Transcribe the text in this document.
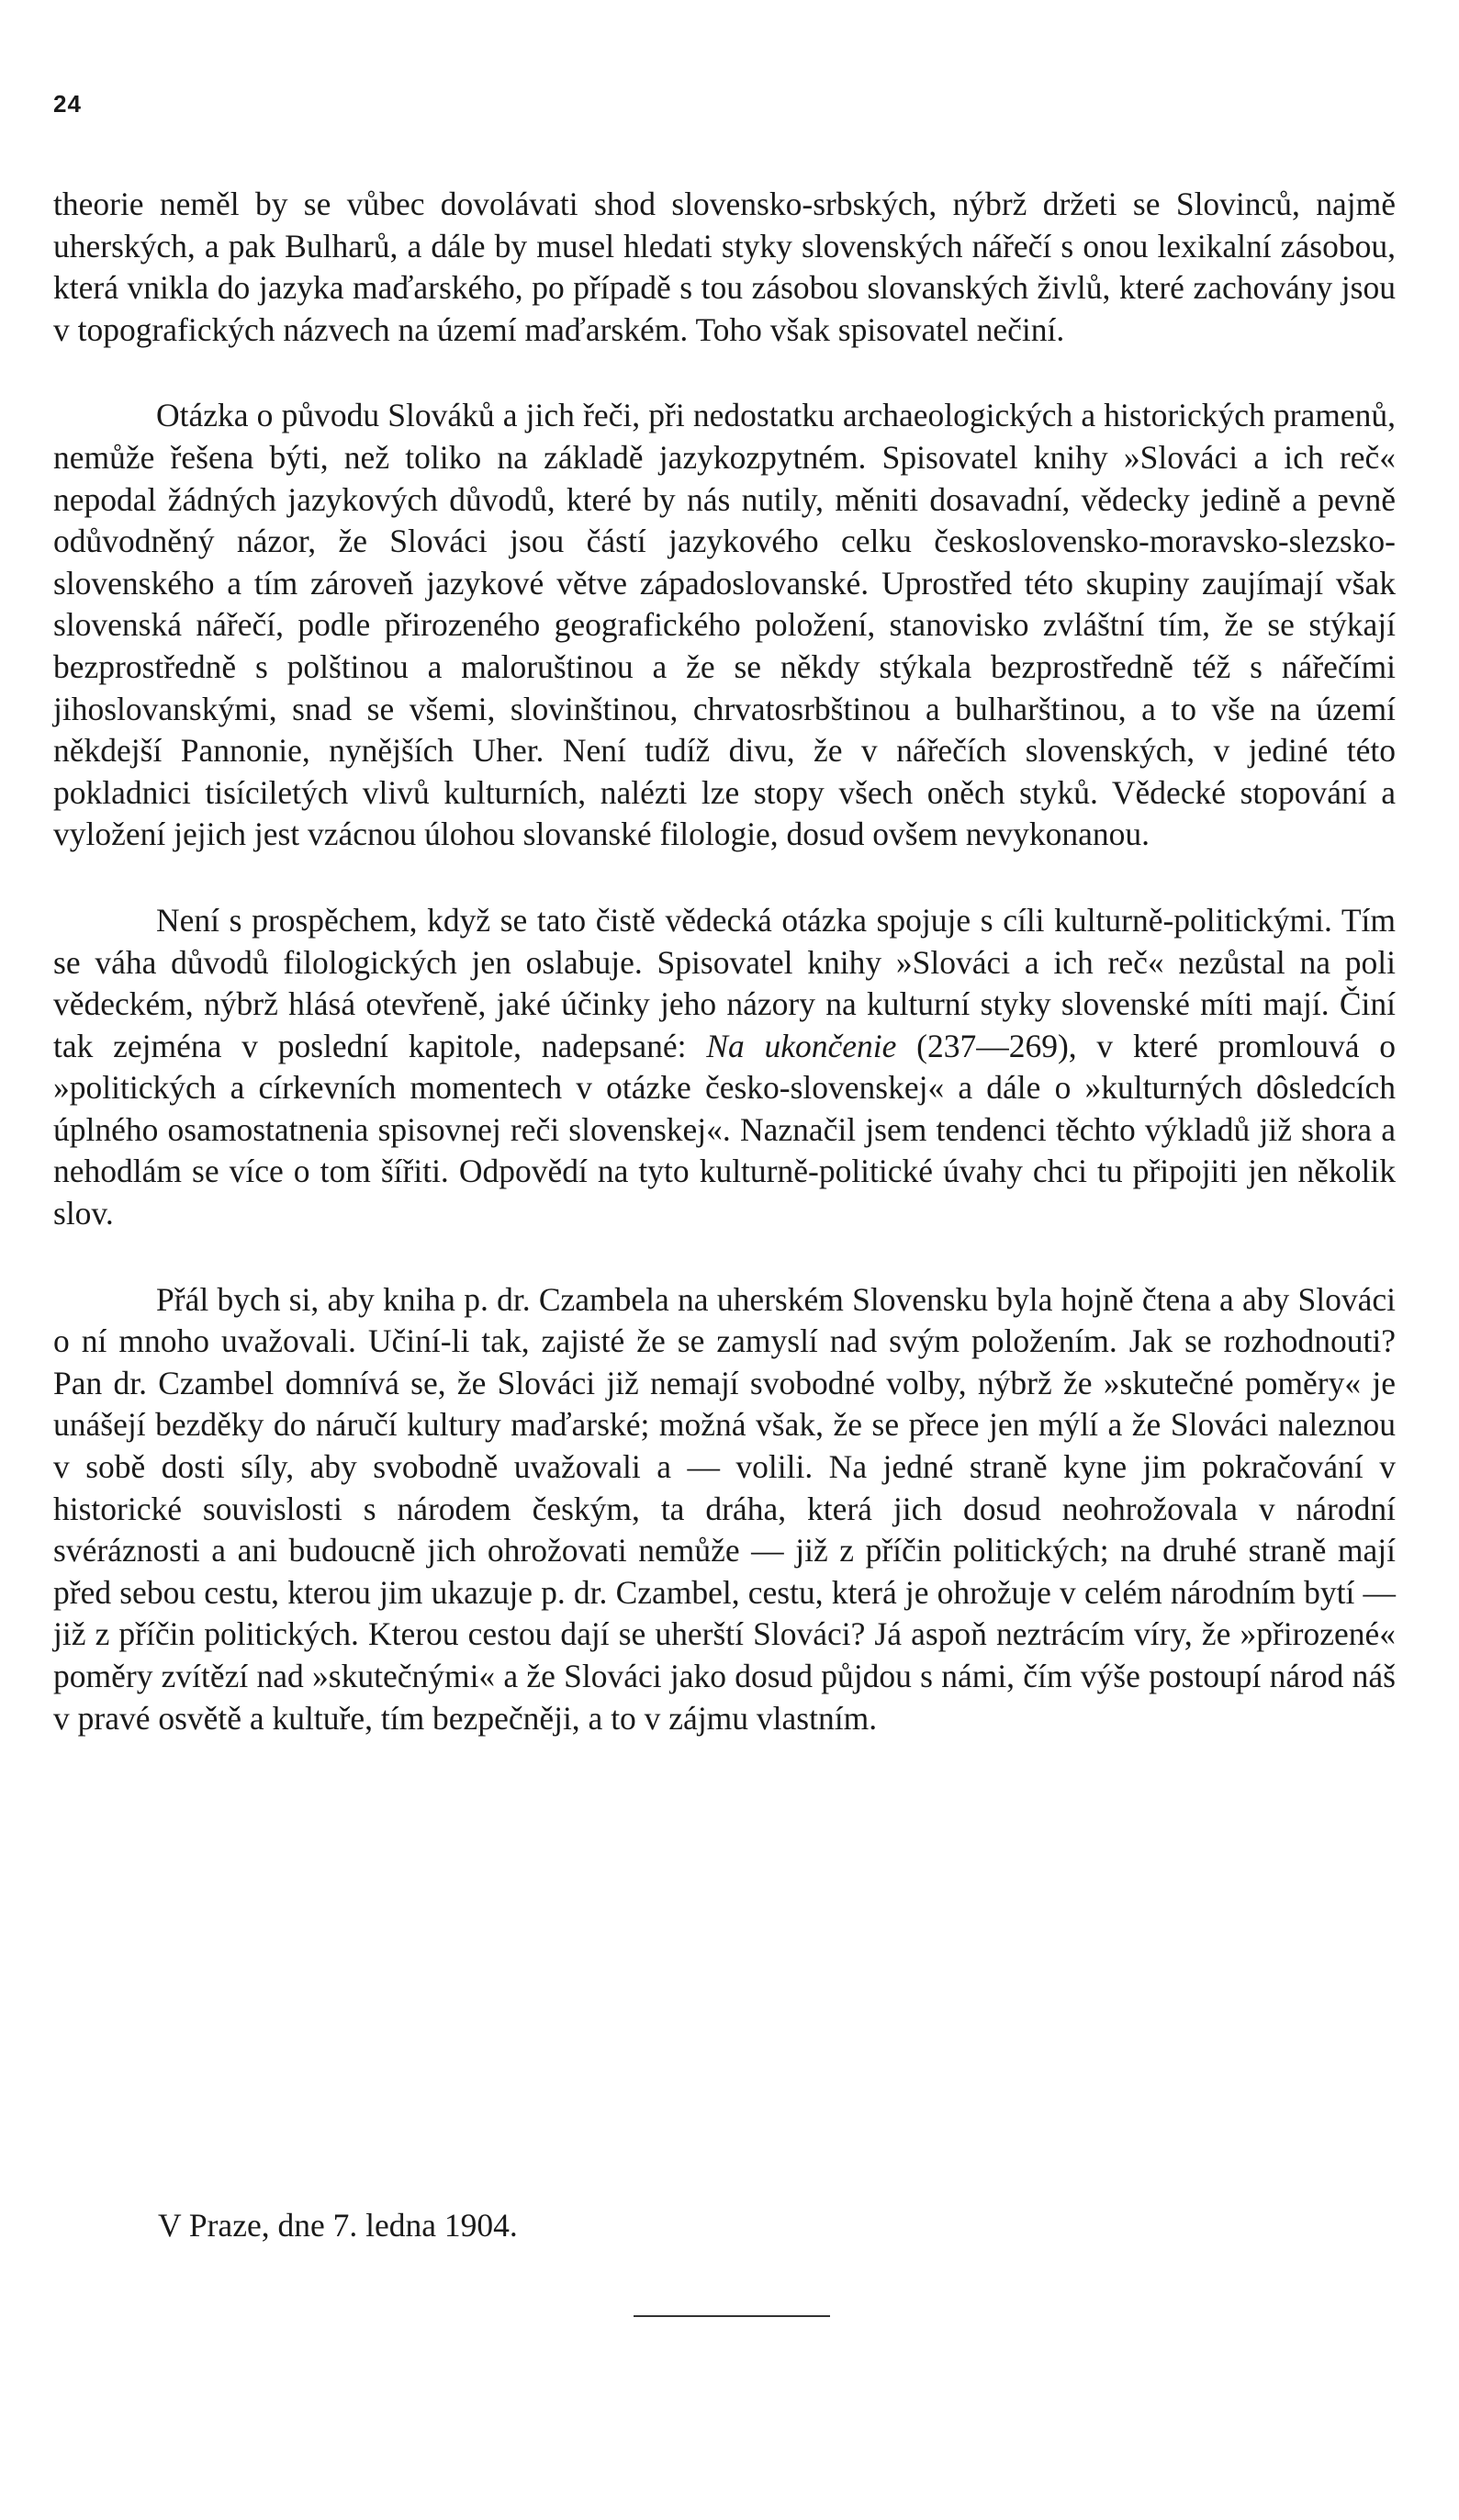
24

theorie neměl by se vůbec dovolávati shod slovensko-srbských, nýbrž držeti se Slovinců, najmě uherských, a pak Bulharů, a dále by musel hledati styky slovenských nářečí s onou lexikalní zásobou, která vnikla do jazyka maďarského, po případě s tou zásobou slovanských živlů, které zachovány jsou v topografických názvech na území maďarském. Toho však spisovatel nečiní.

Otázka o původu Slováků a jich řeči, při nedostatku archaeologických a historických pramenů, nemůže řešena býti, než toliko na základě jazykozpytném. Spisovatel knihy »Slováci a ich reč« nepodal žádných jazykových důvodů, které by nás nutily, měniti dosavadní, vědecky jedině a pevně odůvodněný názor, že Slováci jsou částí jazykového celku československo-moravsko-slezsko-slovenského a tím zároveň jazykové větve západoslovanské. Uprostřed této skupiny zaujímají však slovenská nářečí, podle přirozeného geografického položení, stanovisko zvláštní tím, že se stýkají bezprostředně s polštinou a maloruštinou a že se někdy stýkala bezprostředně též s nářečími jihoslovanskými, snad se všemi, slovinštinou, chrvatosrbštinou a bulharštinou, a to vše na území někdejší Pannonie, nynějších Uher. Není tudíž divu, že v nářečích slovenských, v jediné této pokladnici tisíciletých vlivů kulturních, nalézti lze stopy všech oněch styků. Vědecké stopování a vyložení jejich jest vzácnou úlohou slovanské filologie, dosud ovšem nevykonanou.

Není s prospěchem, když se tato čistě vědecká otázka spojuje s cíli kulturně-politickými. Tím se váha důvodů filologických jen oslabuje. Spisovatel knihy »Slováci a ich reč« nezůstal na poli vědeckém, nýbrž hlásá otevřeně, jaké účinky jeho názory na kulturní styky slovenské míti mají. Činí tak zejména v poslední kapitole, nadepsané: Na ukončenie (237—269), v které promlouvá o »politických a církevních momentech v otázke česko-slovenskej« a dále o »kulturných dôsledcích úplného osamostatnenia spisovnej reči slovenskej«. Naznačil jsem tendenci těchto výkladů již shora a nehodlám se více o tom šířiti. Odpovědí na tyto kulturně-politické úvahy chci tu připojiti jen několik slov.

Přál bych si, aby kniha p. dr. Czambela na uherském Slovensku byla hojně čtena a aby Slováci o ní mnoho uvažovali. Učiní-li tak, zajisté že se zamyslí nad svým položením. Jak se rozhodnouti? Pan dr. Czambel domnívá se, že Slováci již nemají svobodné volby, nýbrž že »skutečné poměry« je unášejí bezděky do náručí kultury maďarské; možná však, že se přece jen mýlí a že Slováci naleznou v sobě dosti síly, aby svobodně uvažovali a — volili. Na jedné straně kyne jim pokračování v historické souvislosti s národem českým, ta dráha, která jich dosud neohrožovala v národní svéráznosti a ani budoucně jich ohrožovati nemůže — již z příčin politických; na druhé straně mají před sebou cestu, kterou jim ukazuje p. dr. Czambel, cestu, která je ohrožuje v celém národním bytí — již z příčin politických. Kterou cestou dají se uherští Slováci? Já aspoň neztrácím víry, že »přirozené« poměry zvítězí nad »skutečnými« a že Slováci jako dosud půjdou s námi, čím výše postoupí národ náš v pravé osvětě a kultuře, tím bezpečněji, a to v zájmu vlastním.

V Praze, dne 7. ledna 1904.
